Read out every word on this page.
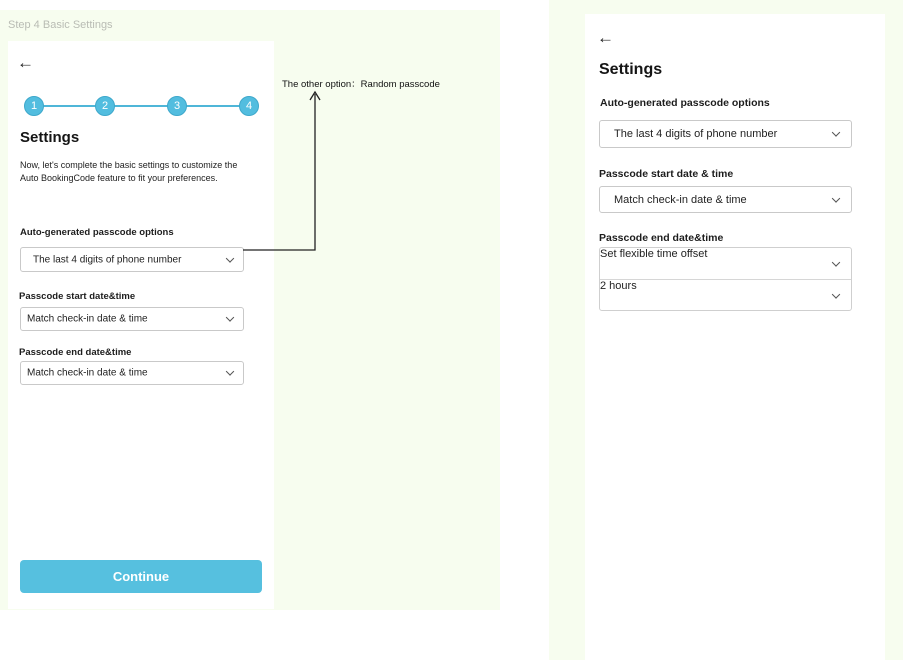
Step 4 Basic Settings
←
1	2	3	4
Settings
Now, let's complete the basic settings to customize the Auto BookingCode feature to fit your preferences.
Auto-generated passcode options
The last 4 digits of phone number
Passcode start date&time
Match check-in date & time
Passcode end date&time
Match check-in date & time
Continue
The other option：Random passcode
←
Settings
Auto-generated passcode options
The last 4 digits of phone number
Passcode start date & time
Match check-in date & time
Passcode end date&time
Set flexible time offset
2 hours
